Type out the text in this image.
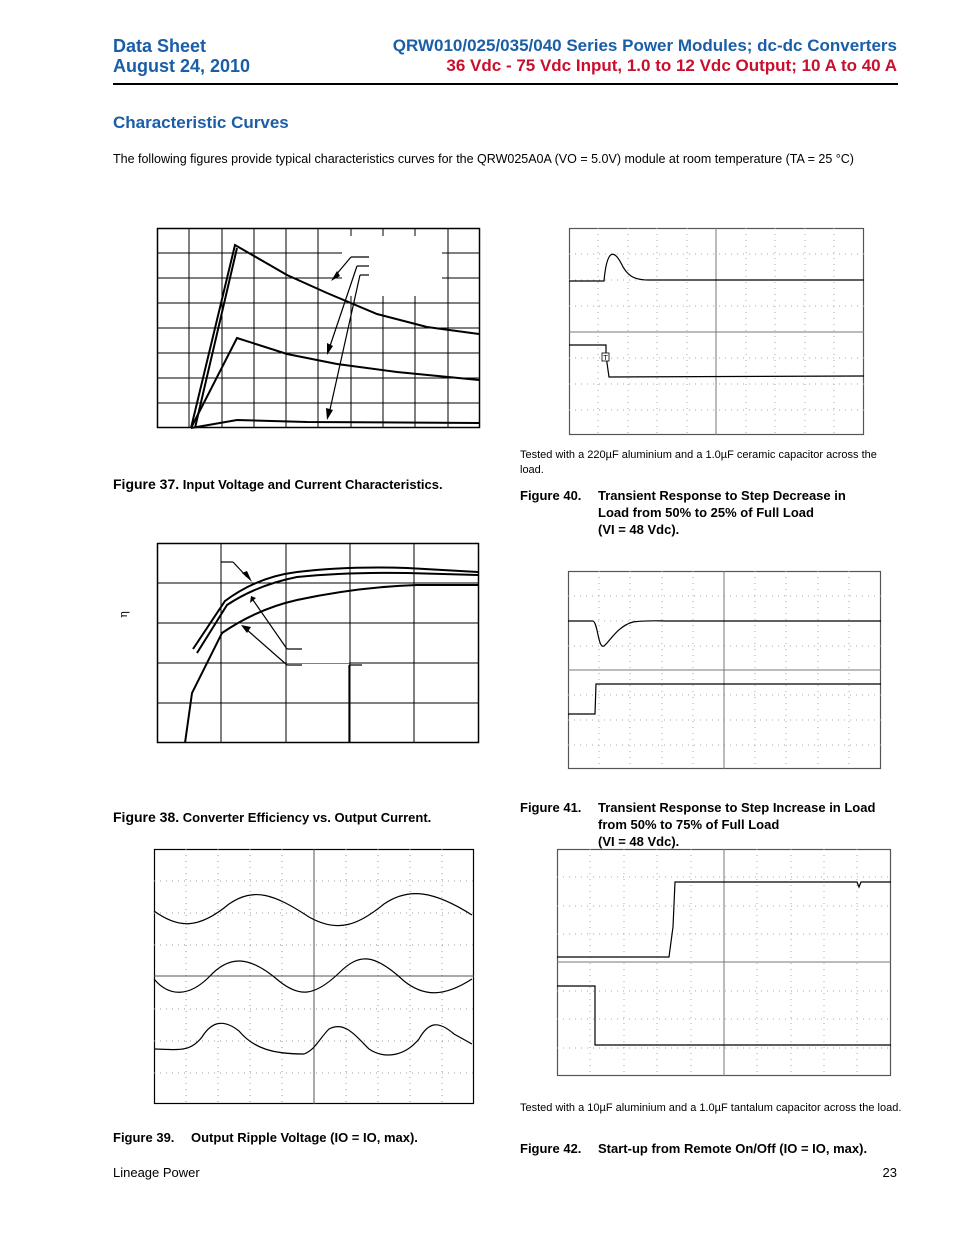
Data Sheet
August 24, 2010
QRW010/025/035/040 Series Power Modules; dc-dc Converters
36 Vdc - 75 Vdc Input, 1.0 to 12 Vdc Output; 10 A to 40 A
Characteristic Curves
The following figures provide typical characteristics curves for the QRW025A0A (VO = 5.0V) module at room temperature (TA = 25 °C)
Figure 37. Input Voltage and Current Characteristics.
η
Figure 38. Converter Efficiency vs. Output Current.
Figure 39. Output Ripple Voltage (IO = IO, max).
T
Tested with a 220µF aluminium and a 1.0µF ceramic capacitor across the load.
Figure 40. Transient Response to Step Decrease in
Load from 50% to 25% of Full Load
(VI = 48 Vdc).
Figure 41. Transient Response to Step Increase in Load
from 50% to 75% of Full Load
(VI = 48 Vdc).
Tested with a 10µF aluminium and a 1.0µF tantalum capacitor across the load.
Figure 42. Start-up from Remote On/Off (IO = IO, max).
Lineage Power	23
